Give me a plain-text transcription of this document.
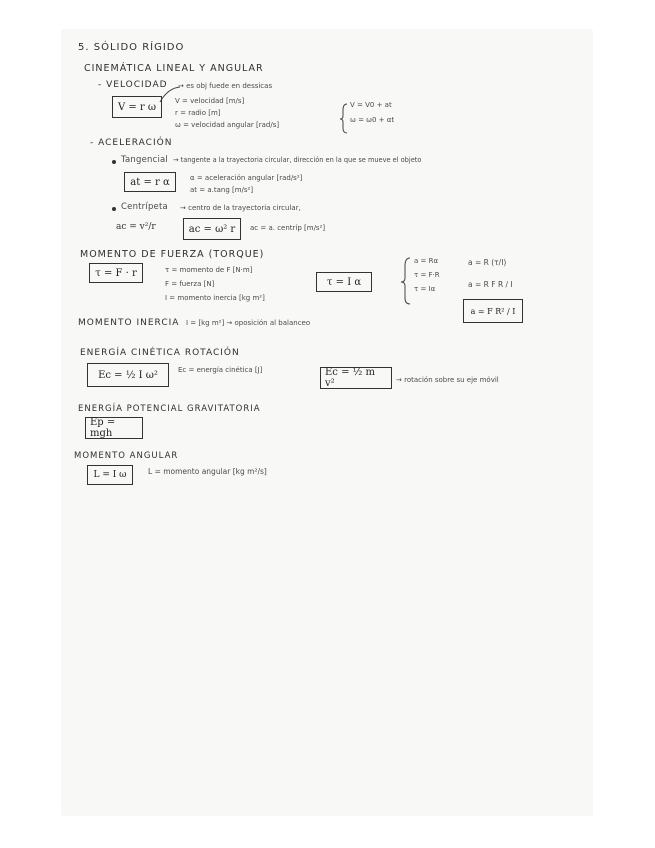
5. SÓLIDO RÍGIDO
CINEMÁTICA LINEAL Y ANGULAR
- VELOCIDAD → es obj fuede en dessicas
V = r ω
V = velocidad [m/s]
r = radio [m]
ω = velocidad angular [rad/s]
V = V0 + at
ω = ω0 + αt
- ACELERACIÓN
Tangencial → tangente a la trayectoria circular, dirección en la que se mueve el objeto
at = r α	α = aceleración angular [rad/s²]
at = a.tang [m/s²]
Centrípeta → centro de la trayectoria circular,
ac = v²/r	ac = ω² r	ac = a. centríp [m/s²]
MOMENTO DE FUERZA (TORQUE)
τ = F · r	τ = momento de F [N·m]
F = fuerza [N]
I = momento inercia [kg m²]
τ = I α
a = Rα
τ = F·R
τ = Iα
a = R (τ/I)
a = R F R / I
a = F R² / I
MOMENTO INERCIA I = [kg m²] → oposición al balanceo
ENERGÍA CINÉTICA ROTACIÓN
Ec = ½ I ω²	Ec = energía cinética [J]	Ec = ½ m v²	→ rotación sobre su eje móvil
ENERGÍA POTENCIAL GRAVITATORIA
Ep = mgh
MOMENTO ANGULAR
L = I ω	L = momento angular [kg m²/s]
